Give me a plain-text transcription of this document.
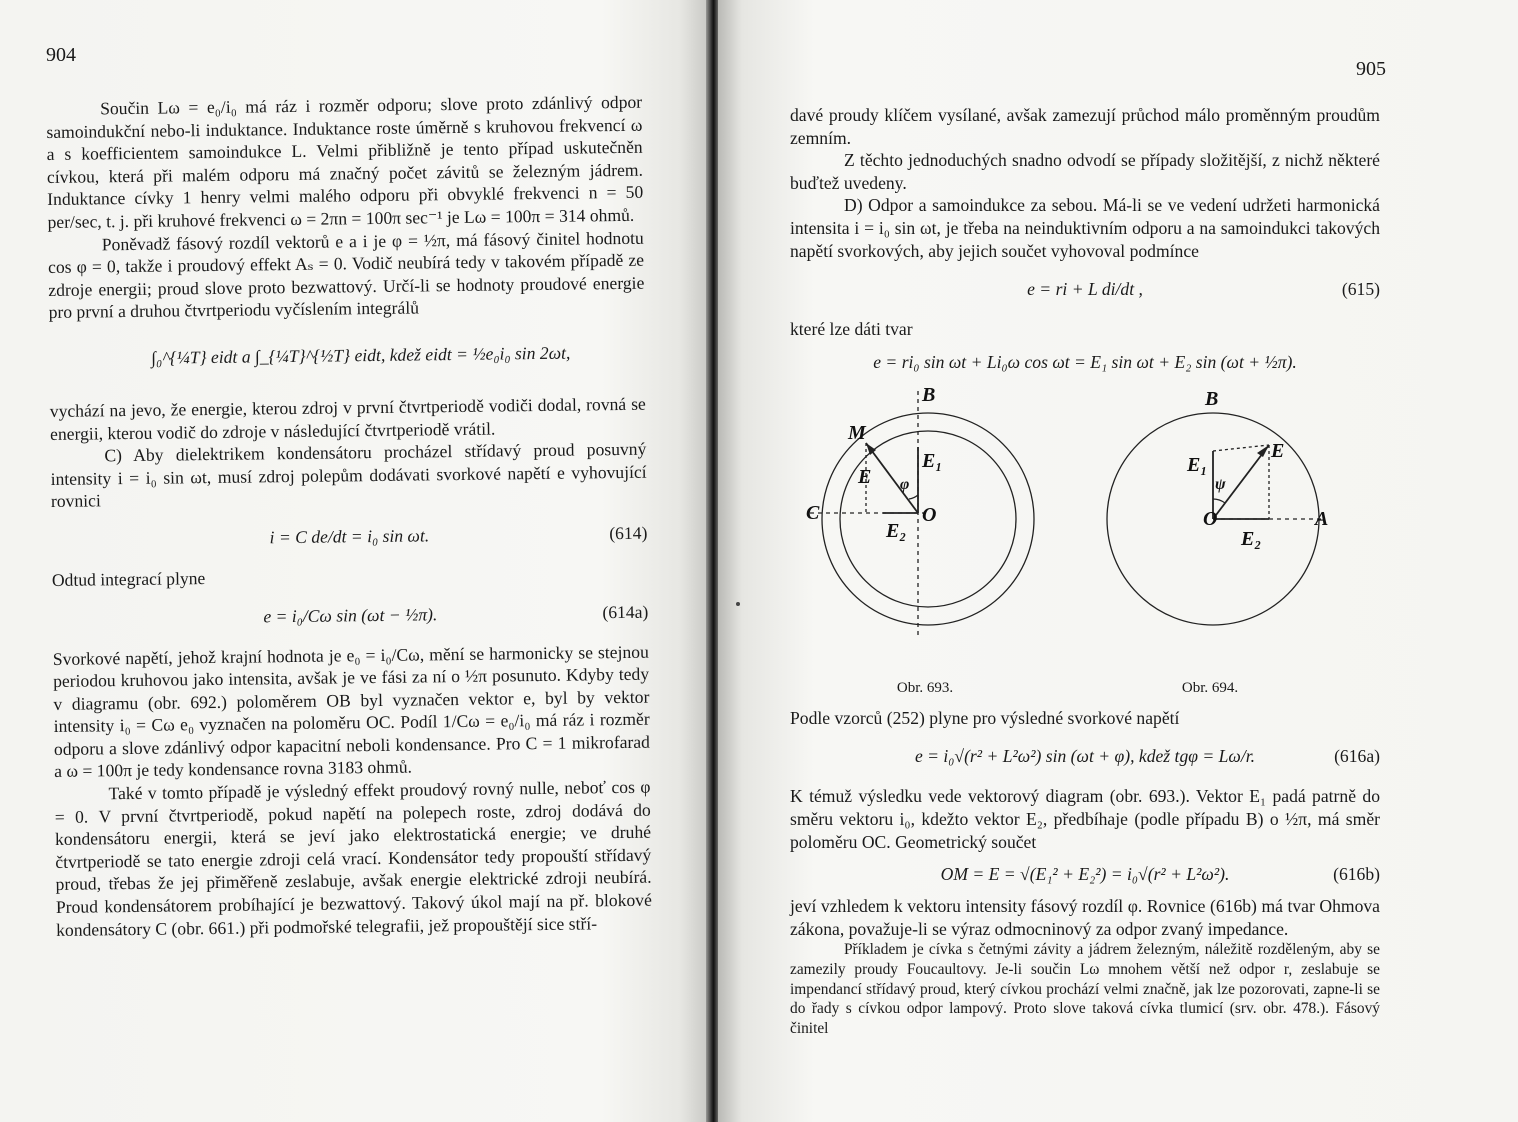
904

Součin Lω = e₀/i₀ má ráz i rozměr odporu; slove proto zdánlivý odpor samoindukční nebo-li induktance. Induktance roste úměrně s kruhovou frekvencí ω a s koefficientem samoindukce L. Velmi přibližně je tento případ uskutečněn cívkou, která při malém odporu má značný počet závitů se železným jádrem. Induktance cívky 1 henry velmi malého odporu při obvyklé frekvenci n = 50 per/sec, t. j. při kruhové frekvenci ω = 2πn = 100π sec⁻¹ je Lω = 100π = 314 ohmů.

Poněvadž fásový rozdíl vektorů e a i je φ = ½π, má fásový činitel hodnotu cos φ = 0, takže i proudový effekt Aₛ = 0. Vodič neubírá tedy v takovém případě ze zdroje energii; proud slove proto bezwattový. Určí-li se hodnoty proudové energie pro první a druhou čtvrtperiodu vyčíslením integrálů

∫₀^{¼T} eidt a ∫_{¼T}^{½T} eidt, kdež eidt = ½e₀i₀ sin 2ωt,

vychází na jevo, že energie, kterou zdroj v první čtvrtperiodě vodiči dodal, rovná se energii, kterou vodič do zdroje v následující čtvrtperiodě vrátil.

C) Aby dielektrikem kondensátoru procházel střídavý proud posuvný intensity i = i₀ sin ωt, musí zdroj polepům dodávati svorkové napětí e vyhovující rovnici

i = C de/dt = i₀ sin ωt.	(614)

Odtud integrací plyne

e = i₀/Cω sin (ωt − ½π).	(614a)

Svorkové napětí, jehož krajní hodnota je e₀ = i₀/Cω, mění se harmonicky se stejnou periodou kruhovou jako intensita, avšak je ve fási za ní o ½π posunuto. Kdyby tedy v diagramu (obr. 692.) poloměrem OB byl vyznačen vektor e, byl by vektor intensity i₀ = Cω e₀ vyznačen na poloměru OC. Podíl 1/Cω = e₀/i₀ má ráz i rozměr odporu a slove zdánlivý odpor kapacitní neboli kondensance. Pro C = 1 mikrofarad a ω = 100π je tedy kondensance rovna 3183 ohmů.

Také v tomto případě je výsledný effekt proudový rovný nulle, neboť cos φ = 0. V první čtvrtperiodě, pokud napětí na polepech roste, zdroj dodává do kondensátoru energii, která se jeví jako elektrostatická energie; ve druhé čtvrtperiodě se tato energie zdroji celá vrací. Kondensátor tedy propouští střídavý proud, třebas že jej přiměřeně zeslabuje, avšak energie elektrické zdroji neubírá. Proud kondensátorem probíhající je bezwattový. Takový úkol mají na př. blokové kondensátory C (obr. 661.) při podmořské telegrafii, jež propouštějí sice stří-

905

davé proudy klíčem vysílané, avšak zamezují průchod málo proměnným proudům zemním.

Z těchto jednoduchých snadno odvodí se případy složitější, z nichž některé buďtež uvedeny.

D) Odpor a samoindukce za sebou. Má-li se ve vedení udržeti harmonická intensita i = i₀ sin ωt, je třeba na neinduktivním odporu a na samoindukci takových napětí svorkových, aby jejich součet vyhovoval podmínce

e = ri + L di/dt ,	(615)

které lze dáti tvar

e = ri₀ sin ωt + Li₀ω cos ωt = E₁ sin ωt + E₂ sin (ωt + ½π).
B
M
E
E₁
φ
C	O
E₂
Obr. 693.
B
E₁
E
ψ
A
O
E₂
Obr. 694.

Podle vzorců (252) plyne pro výsledné svorkové napětí

e = i₀√(r² + L²ω²) sin (ωt + φ), kdež tgφ = Lω/r.	(616a)

K témuž výsledku vede vektorový diagram (obr. 693.). Vektor E₁ padá patrně do směru vektoru i₀, kdežto vektor E₂, předbíhaje (podle případu B) o ½π, má směr poloměru OC. Geometrický součet

OM = E = √(E₁² + E₂²) = i₀√(r² + L²ω²).	(616b)

jeví vzhledem k vektoru intensity fásový rozdíl φ. Rovnice (616b) má tvar Ohmova zákona, považuje-li se výraz odmocninový za odpor zvaný impedance.

Příkladem je cívka s četnými závity a jádrem železným, náležitě rozděleným, aby se zamezily proudy Foucaultovy. Je-li součin Lω mnohem větší než odpor r, zeslabuje se impendancí střídavý proud, který cívkou prochází velmi značně, jak lze pozorovati, zapne-li se do řady s cívkou odpor lampový. Proto slove taková cívka tlumicí (srv. obr. 478.). Fásový činitel
